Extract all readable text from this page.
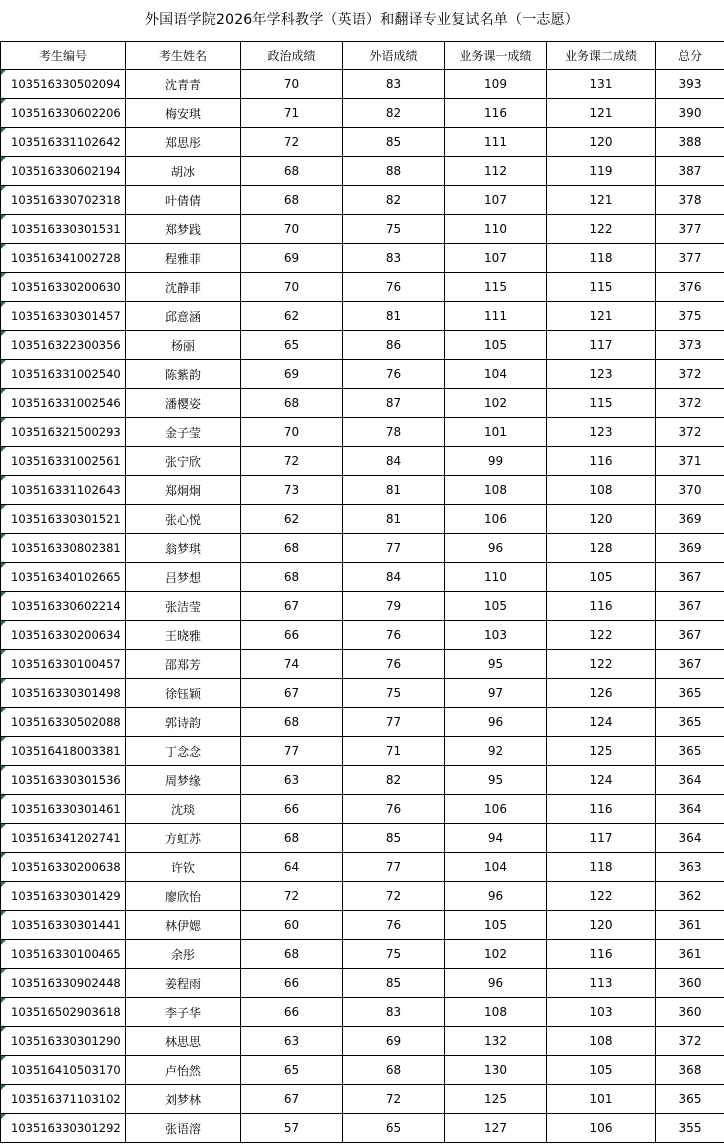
外国语学院2026年学科教学（英语）和翻译专业复试名单（一志愿）
考生编号	考生姓名	政治成绩	外语成绩	业务课一成绩	业务课二成绩	总分
103516330502094	沈青青	70	83	109	131	393
103516330602206	梅安琪	71	82	116	121	390
103516331102642	郑思彤	72	85	111	120	388
103516330602194	胡冰	68	88	112	119	387
103516330702318	叶倩倩	68	82	107	121	378
103516330301531	郑梦践	70	75	110	122	377
103516341002728	程雅菲	69	83	107	118	377
103516330200630	沈静菲	70	76	115	115	376
103516330301457	邱意涵	62	81	111	121	375
103516322300356	杨丽	65	86	105	117	373
103516331002540	陈紫韵	69	76	104	123	372
103516331002546	潘樱姿	68	87	102	115	372
103516321500293	金子莹	70	78	101	123	372
103516331002561	张宁欣	72	84	99	116	371
103516331102643	郑炯炯	73	81	108	108	370
103516330301521	张心悦	62	81	106	120	369
103516330802381	翁梦琪	68	77	96	128	369
103516340102665	吕梦想	68	84	110	105	367
103516330602214	张洁莹	67	79	105	116	367
103516330200634	王晓雅	66	76	103	122	367
103516330100457	邵郑芳	74	76	95	122	367
103516330301498	徐钰颖	67	75	97	126	365
103516330502088	郭诗韵	68	77	96	124	365
103516418003381	丁念念	77	71	92	125	365
103516330301536	周梦缘	63	82	95	124	364
103516330301461	沈琰	66	76	106	116	364
103516341202741	方虹苏	68	85	94	117	364
103516330200638	许钦	64	77	104	118	363
103516330301429	廖欣怡	72	72	96	122	362
103516330301441	林伊媤	60	76	105	120	361
103516330100465	余彤	68	75	102	116	361
103516330902448	姜程雨	66	85	96	113	360
103516502903618	李子华	66	83	108	103	360
103516330301290	林思思	63	69	132	108	372
103516410503170	卢怡然	65	68	130	105	368
103516371103102	刘梦林	67	72	125	101	365
103516330301292	张语溶	57	65	127	106	355
